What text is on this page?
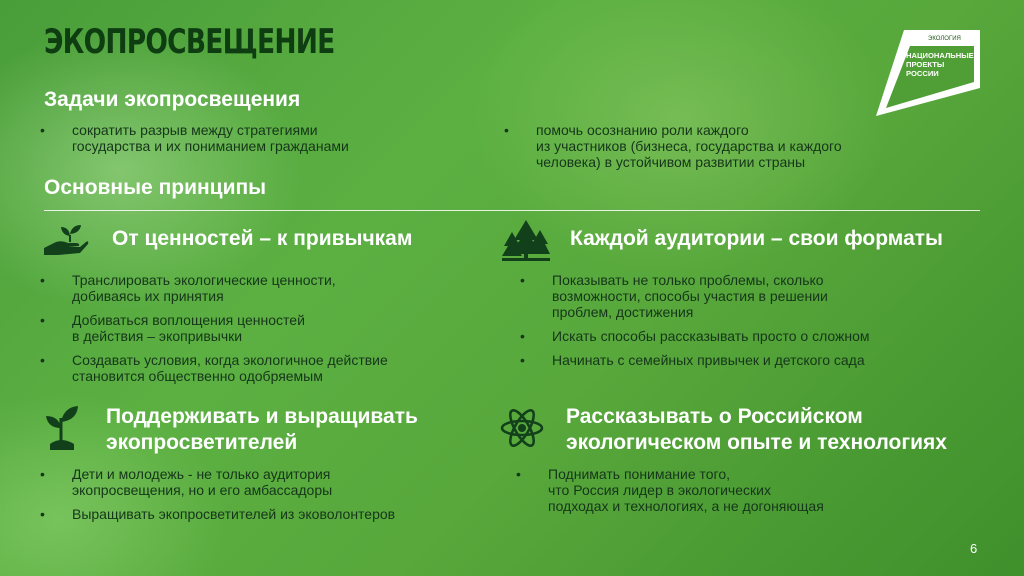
ЭКОПРОСВЕЩЕНИЕ	ЭКОЛОГИЯ
НАЦИОНАЛЬНЫЕ
ПРОЕКТЫ
РОССИИ
Задачи экопросвещения
• сократить разрыв между стратегиями
государства и их пониманием гражданами
• помочь осознанию роли каждого
из участников (бизнеса, государства и каждого
человека) в устойчивом развитии страны
Основные принципы
От ценностей – к привычкам
• Транслировать экологические ценности,
добиваясь их принятия
• Добиваться воплощения ценностей
в действия – экопривычки
• Создавать условия, когда экологичное действие
становится общественно одобряемым
Каждой аудитории – свои форматы
• Показывать не только проблемы, сколько
возможности, способы участия в решении
проблем, достижения
• Искать способы рассказывать просто о сложном
• Начинать с семейных привычек и детского сада
Поддерживать и выращивать
экопросветителей
• Дети и молодежь - не только аудитория
экопросвещения, но и его амбассадоры
• Выращивать экопросветителей из эковолонтеров
Рассказывать о Российском
экологическом опыте и технологиях
• Поднимать понимание того,
что Россия лидер в экологических
подходах и технологиях, а не догоняющая
6
